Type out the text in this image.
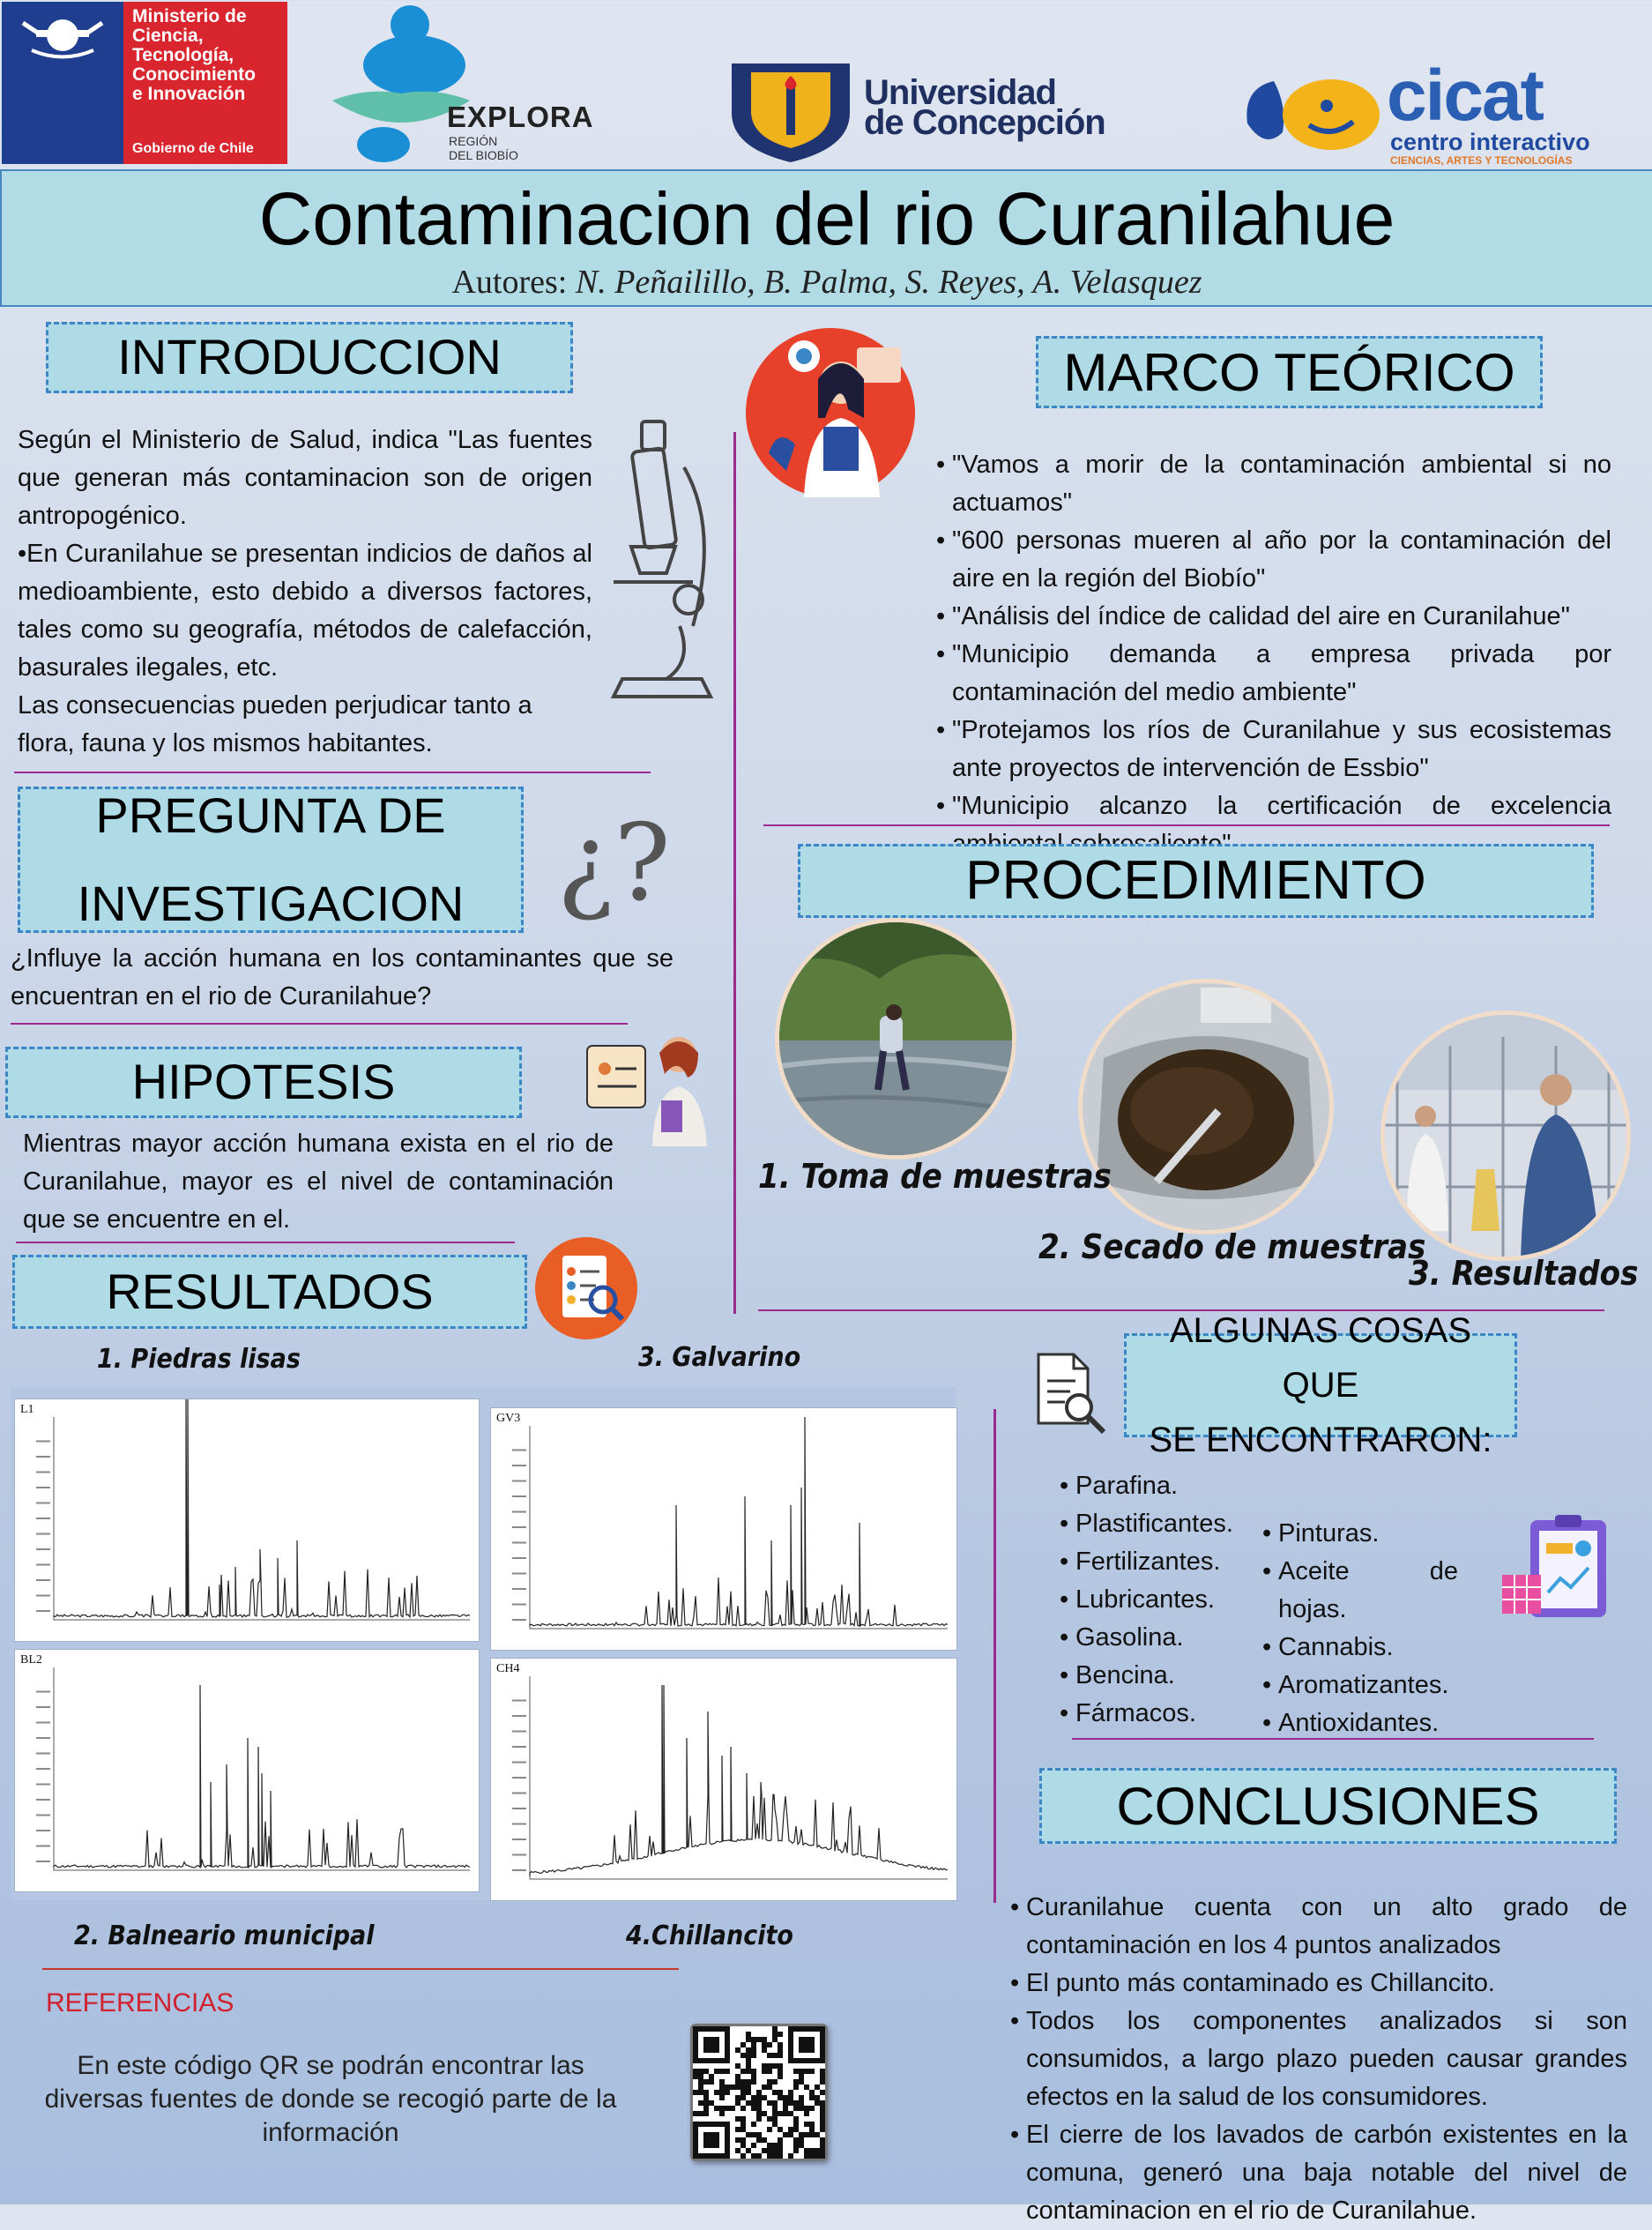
Ministerio de
Ciencia,
Tecnología,
Conocimiento
e Innovación
Gobierno de Chile
EXPLORA
REGIÓN
DEL BIOBÍO
Universidad
de Concepción	cicat
centro interactivo
CIENCIAS, ARTES Y TECNOLOGÍAS
Contaminacion del rio Curanilahue
Autores: N. Peñailillo, B. Palma, S. Reyes, A. Velasquez
INTRODUCCION
Según el Ministerio de Salud, indica "Las fuentes que generan más contaminacion son de origen antropogénico.
•En Curanilahue se presentan indicios de daños al medioambiente, esto debido a diversos factores, tales como su geografía, métodos de calefacción, basurales ilegales, etc.
Las consecuencias pueden perjudicar tanto a flora, fauna y los mismos habitantes.
PREGUNTA DE
INVESTIGACION ¿?
¿Influye la acción humana en los contaminantes que se encuentran en el rio de Curanilahue?
HIPOTESIS
Mientras mayor acción humana exista en el rio de Curanilahue, mayor es el nivel de contaminación que se encuentre en el.
RESULTADOS
1. Piedras lisas	3. Galvarino
2. Balneario municipal	4.Chillancito
L1
GV3
BL2
CH4
REFERENCIAS
En este código QR se podrán encontrar las diversas fuentes de donde se recogió parte de la información
MARCO TEÓRICO
• "Vamos a morir de la contaminación ambiental si no actuamos"
• "600 personas mueren al año por la contaminación del aire en la región del Biobío"
• "Análisis del índice de calidad del aire en Curanilahue"
• "Municipio demanda a empresa privada por contaminación del medio ambiente"
• "Protejamos los ríos de Curanilahue y sus ecosistemas ante proyectos de intervención de Essbio"
• "Municipio alcanzo la certificación de excelencia
PROCEDIMIENTO
1. Toma de muestras
2. Secado de muestras
3. Resultados
ALGUNAS COSAS QUE
SE ENCONTRARON:
• Parafina.
• Plastificantes.
• Fertilizantes.
• Lubricantes.
• Gasolina.
• Bencina.
• Fármacos.
• Pinturas.
• Aceite de hojas.
• Cannabis.
• Aromatizantes.
• Antioxidantes.
CONCLUSIONES
• Curanilahue cuenta con un alto grado de contaminación en los 4 puntos analizados
• El punto más contaminado es Chillancito.
• Todos los componentes analizados si son consumidos, a largo plazo pueden causar grandes efectos en la salud de los consumidores.
• El cierre de los lavados de carbón existentes en la comuna, generó una baja notable del nivel de contaminacion en el rio de Curanilahue.
